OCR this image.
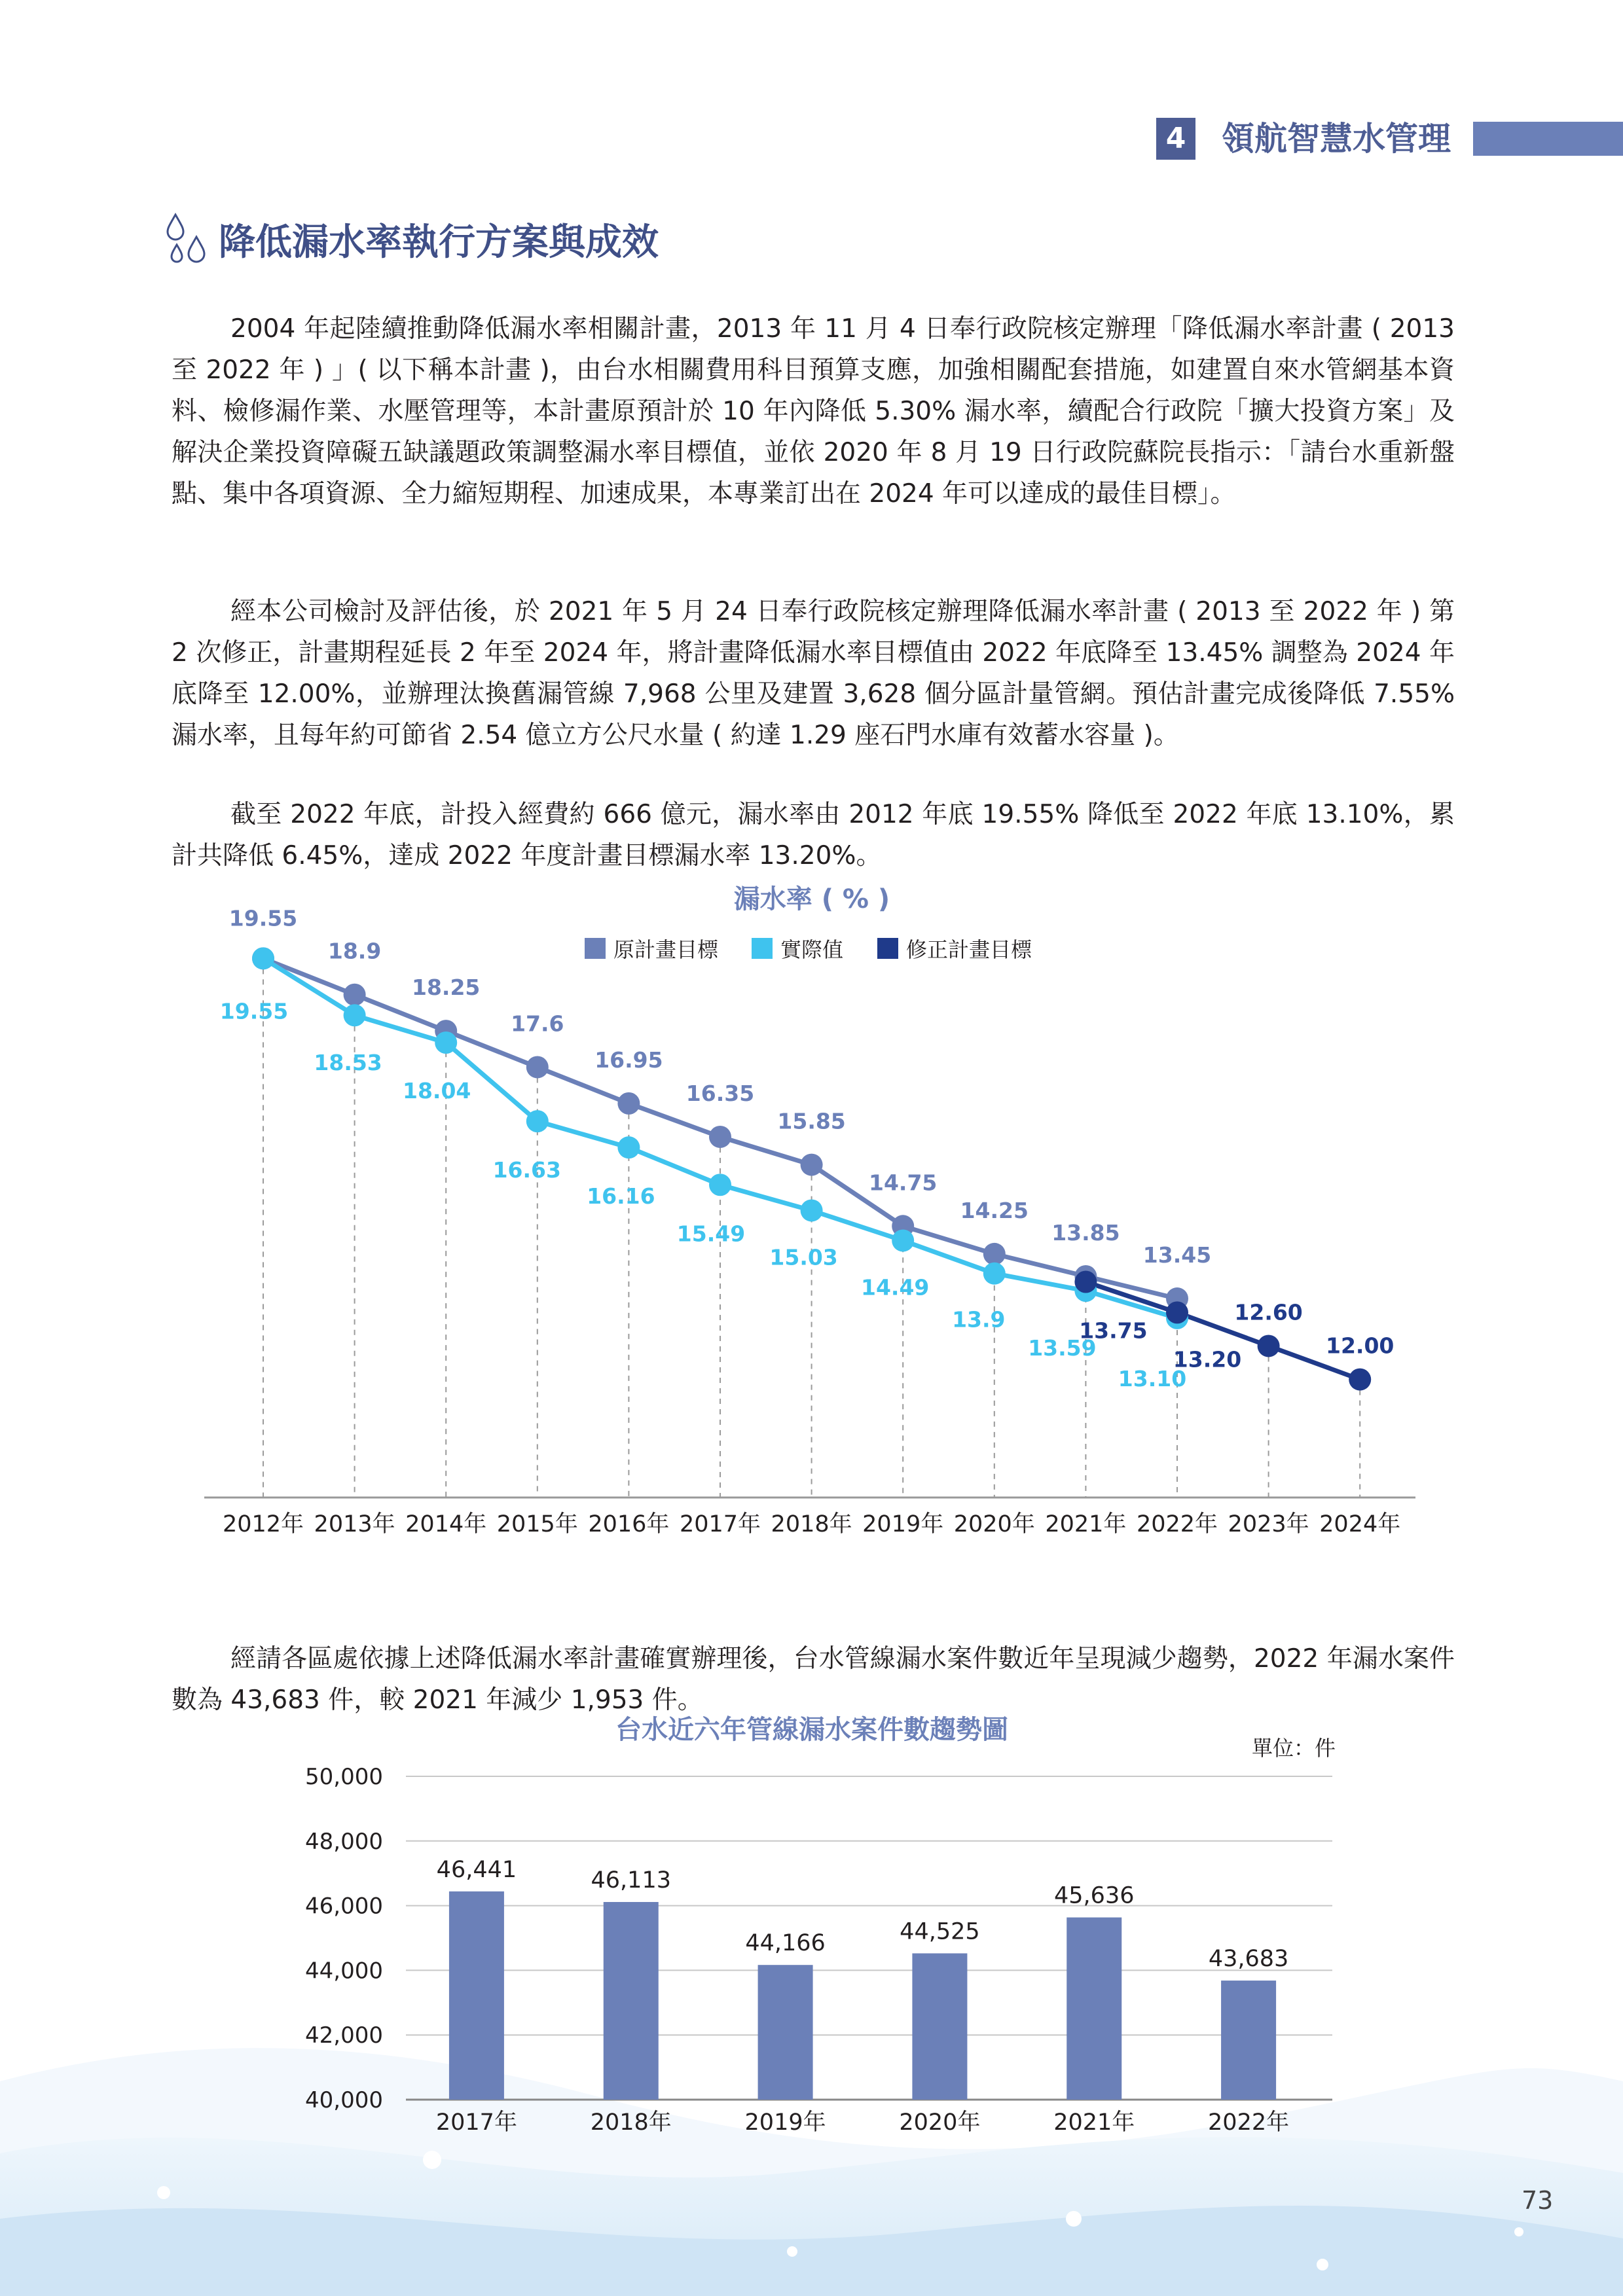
4 領航智慧水管理
降低漏水率執行方案與成效

2004 年起陸續推動降低漏水率相關計畫，2013 年 11 月 4 日奉行政院核定辦理「降低漏水率計畫 ( 2013 至 2022 年 ) 」( 以下稱本計畫 )，由台水相關費用科目預算支應，加強相關配套措施，如建置自來水管網基本資料、檢修漏作業、水壓管理等，本計畫原預計於 10 年內降低 5.30% 漏水率，續配合行政院「擴大投資方案」及解決企業投資障礙五缺議題政策調整漏水率目標值，並依 2020 年 8 月 19 日行政院蘇院長指示：「請台水重新盤點、集中各項資源、全力縮短期程、加速成果，本專業訂出在 2024 年可以達成的最佳目標」。

經本公司檢討及評估後，於 2021 年 5 月 24 日奉行政院核定辦理降低漏水率計畫 ( 2013 至 2022 年 ) 第 2 次修正，計畫期程延長 2 年至 2024 年，將計畫降低漏水率目標值由 2022 年底降至 13.45% 調整為 2024 年底降至 12.00%，並辦理汰換舊漏管線 7,968 公里及建置 3,628 個分區計量管網。預估計畫完成後降低 7.55% 漏水率，且每年約可節省 2.54 億立方公尺水量 ( 約達 1.29 座石門水庫有效蓄水容量 )。

截至 2022 年底，計投入經費約 666 億元，漏水率由 2012 年底 19.55% 降低至 2022 年底 13.10%，累計共降低 6.45%，達成 2022 年度計畫目標漏水率 13.20%。

經請各區處依據上述降低漏水率計畫確實辦理後，台水管線漏水案件數近年呈現減少趨勢，2022 年漏水案件數為 43,683 件，較 2021 年減少 1,953 件。

漏水率 ( % )
原計畫目標	實際值	修正計畫目標
19.55
18.9
18.25
17.6
16.95
16.35
15.85
14.75
14.25
13.85
13.45
19.55
18.53
18.04
16.63
16.16
15.49
15.03
14.49
13.9
13.59
13.10
13.75
13.20
12.60
12.00
2012年 2013年 2014年 2015年 2016年 2017年 2018年 2019年 2020年 2021年 2022年 2023年 2024年
台水近六年管線漏水案件數趨勢圖
單位：件
40,000
42,000
44,000
46,000
48,000
50,000
46,441	46,113
44,166	44,525
45,636
43,683
2017年	2018年	2019年	2020年	2021年	2022年
73
